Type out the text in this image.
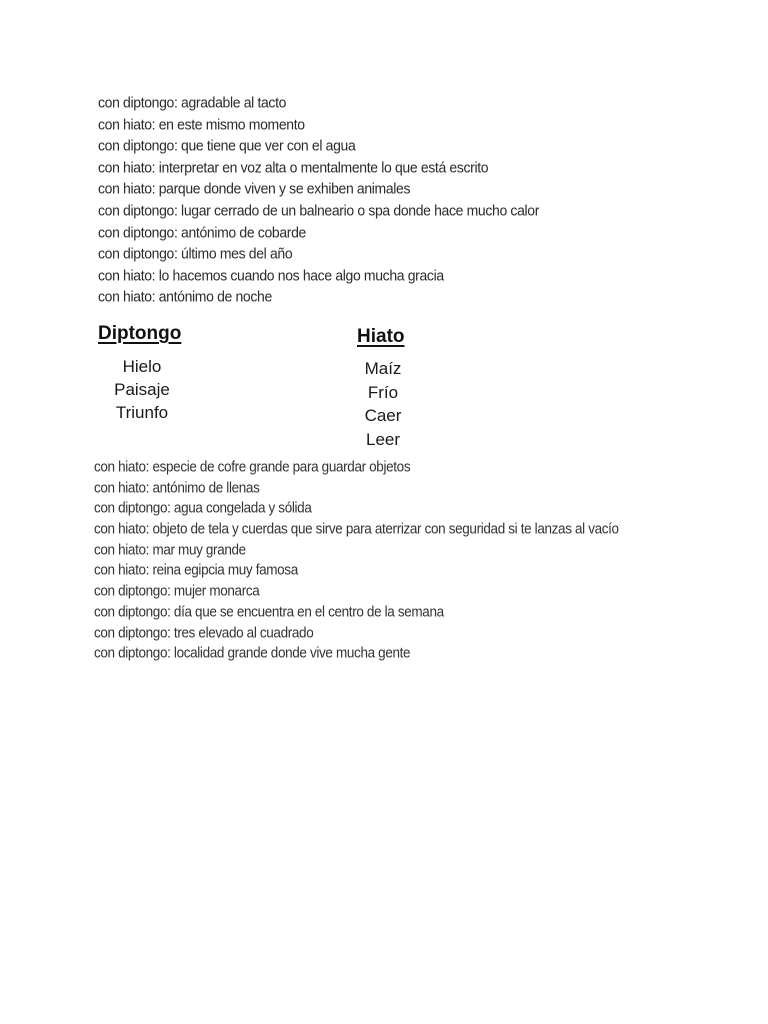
con diptongo: agradable al tacto
con hiato: en este mismo momento
con diptongo: que tiene que ver con el agua
con hiato: interpretar en voz alta o mentalmente lo que está escrito
con hiato: parque donde viven y se exhiben animales
con diptongo: lugar cerrado de un balneario o spa donde hace mucho calor
con diptongo: antónimo de cobarde
con diptongo: último mes del año
con hiato: lo hacemos cuando nos hace algo mucha gracia
con hiato: antónimo de noche
Diptongo	Hiato
Hielo
Paisaje
Triunfo
Maíz
Frío
Caer
Leer
con hiato: especie de cofre grande para guardar objetos
con hiato: antónimo de llenas
con diptongo: agua congelada y sólida
con hiato: objeto de tela y cuerdas que sirve para aterrizar con seguridad si te lanzas al vacío
con hiato: mar muy grande
con hiato: reina egipcia muy famosa
con diptongo: mujer monarca
con diptongo: día que se encuentra en el centro de la semana
con diptongo: tres elevado al cuadrado
con diptongo: localidad grande donde vive mucha gente
